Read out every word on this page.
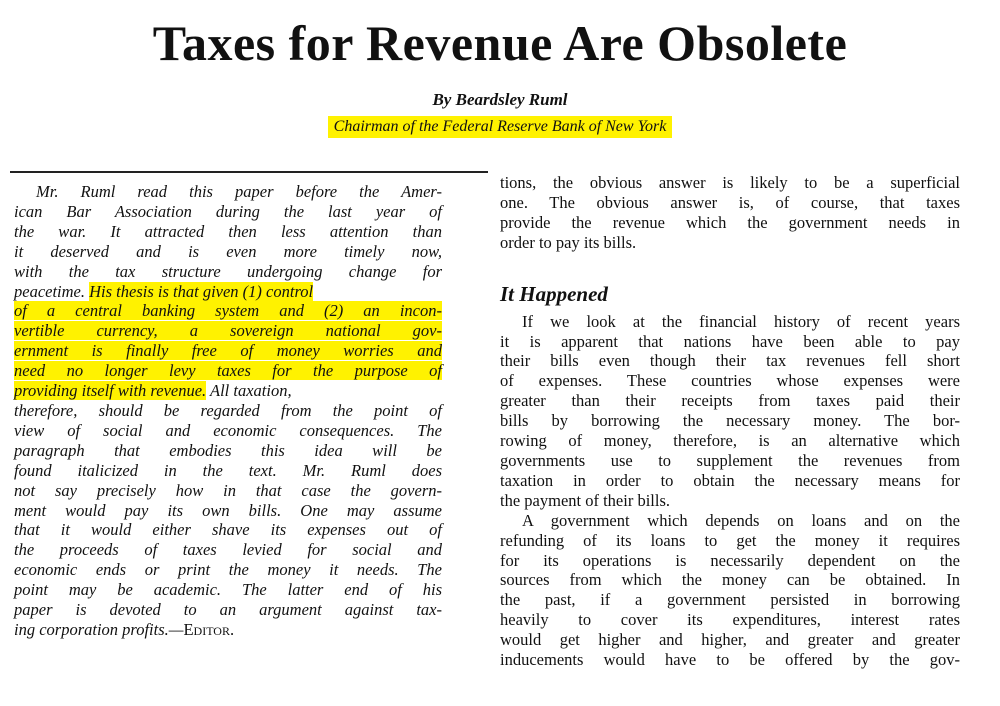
Taxes for Revenue Are Obsolete
By Beardsley Ruml
Chairman of the Federal Reserve Bank of New York
Mr. Ruml read this paper before the Amer-
ican Bar Association during the last year of
the war. It attracted then less attention than
it deserved and is even more timely now,
with the tax structure undergoing change for
peacetime. His thesis is that given (1) control
of a central banking system and (2) an incon-
vertible currency, a sovereign national gov-
ernment is finally free of money worries and
need no longer levy taxes for the purpose of
providing itself with revenue. All taxation,
therefore, should be regarded from the point of
view of social and economic consequences. The
paragraph that embodies this idea will be
found italicized in the text. Mr. Ruml does
not say precisely how in that case the govern-
ment would pay its own bills. One may assume
that it would either shave its expenses out of
the proceeds of taxes levied for social and
economic ends or print the money it needs. The
point may be academic. The latter end of his
paper is devoted to an argument against tax-
ing corporation profits.—Editor.
tions, the obvious answer is likely to be a superficial
one. The obvious answer is, of course, that taxes
provide the revenue which the government needs in
order to pay its bills.
It Happened
If we look at the financial history of recent years
it is apparent that nations have been able to pay
their bills even though their tax revenues fell short
of expenses. These countries whose expenses were
greater than their receipts from taxes paid their
bills by borrowing the necessary money. The bor-
rowing of money, therefore, is an alternative which
governments use to supplement the revenues from
taxation in order to obtain the necessary means for
the payment of their bills.
A government which depends on loans and on the
refunding of its loans to get the money it requires
for its operations is necessarily dependent on the
sources from which the money can be obtained. In
the past, if a government persisted in borrowing
heavily to cover its expenditures, interest rates
would get higher and higher, and greater and greater
inducements would have to be offered by the gov-
